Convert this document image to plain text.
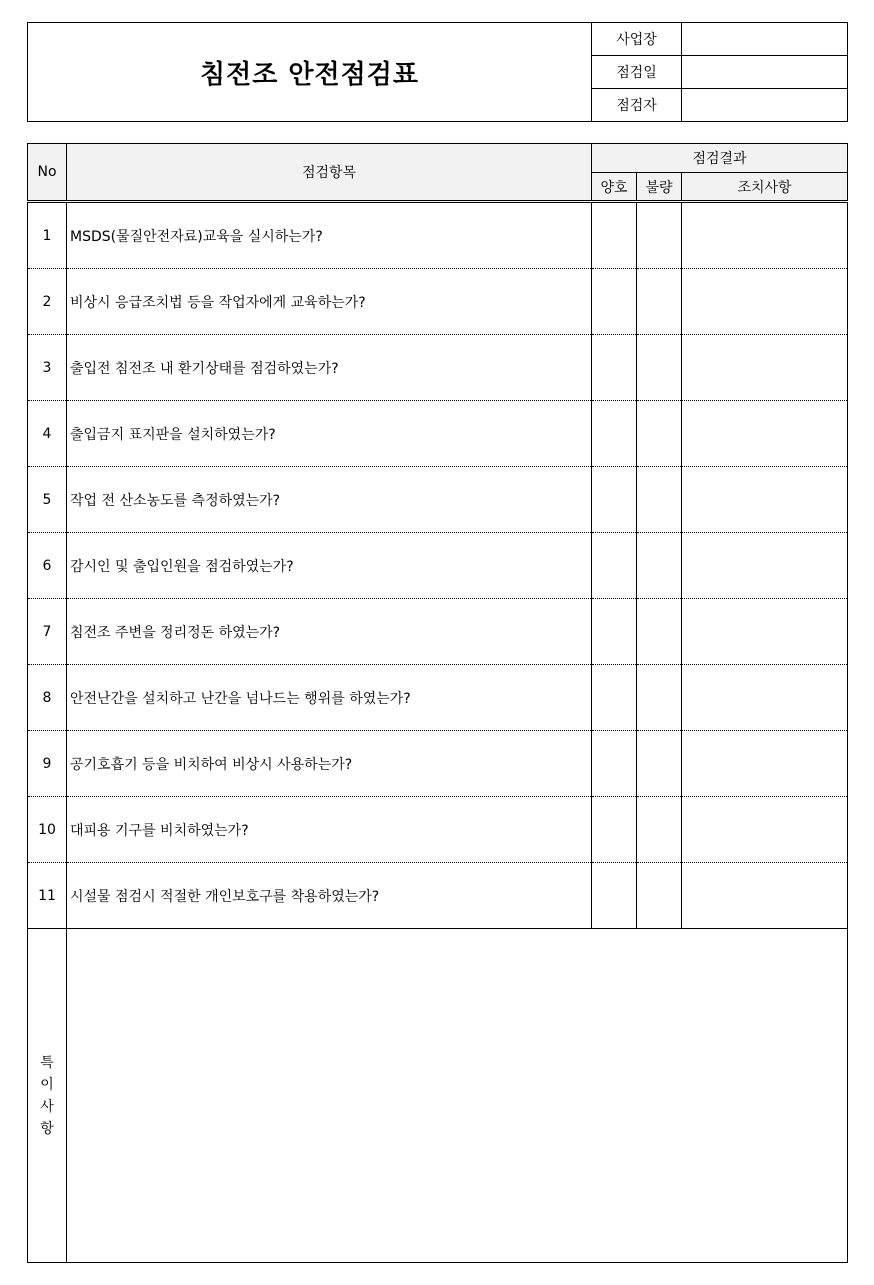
침전조 안전점검표	사업장	
	점검일	
	점검자	
No	점검항목	점검결과		
		양호	불량	조치사항
1	MSDS(물질안전자료)교육을 실시하는가?			
2	비상시 응급조치법 등을 작업자에게 교육하는가?			
3	출입전 침전조 내 환기상태를 점검하였는가?			
4	출입금지 표지판을 설치하였는가?			
5	작업 전 산소농도를 측정하였는가?			
6	감시인 및 출입인원을 점검하였는가?			
7	침전조 주변을 정리정돈 하였는가?			
8	안전난간을 설치하고 난간을 넘나드는 행위를 하였는가?			
9	공기호흡기 등을 비치하여 비상시 사용하는가?			
10	대피용 기구를 비치하였는가?			
11	시설물 점검시 적절한 개인보호구를 착용하였는가?			

특
이
사
항				
